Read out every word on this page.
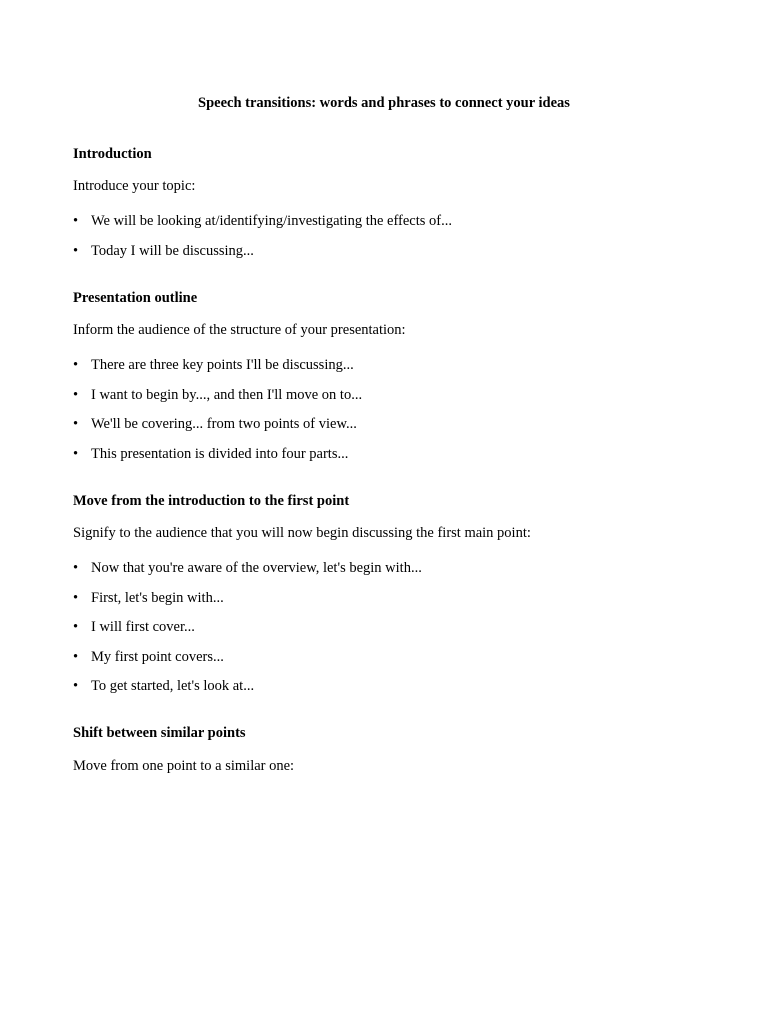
Speech transitions: words and phrases to connect your ideas
Introduction

Introduce your topic:

• We will be looking at/identifying/investigating the effects of...
• Today I will be discussing...
Presentation outline

Inform the audience of the structure of your presentation:

• There are three key points I'll be discussing...
• I want to begin by..., and then I'll move on to...
• We'll be covering... from two points of view...
• This presentation is divided into four parts...
Move from the introduction to the first point

Signify to the audience that you will now begin discussing the first main point:

• Now that you're aware of the overview, let's begin with...
• First, let's begin with...
• I will first cover...
• My first point covers...
• To get started, let's look at...
Shift between similar points

Move from one point to a similar one:
